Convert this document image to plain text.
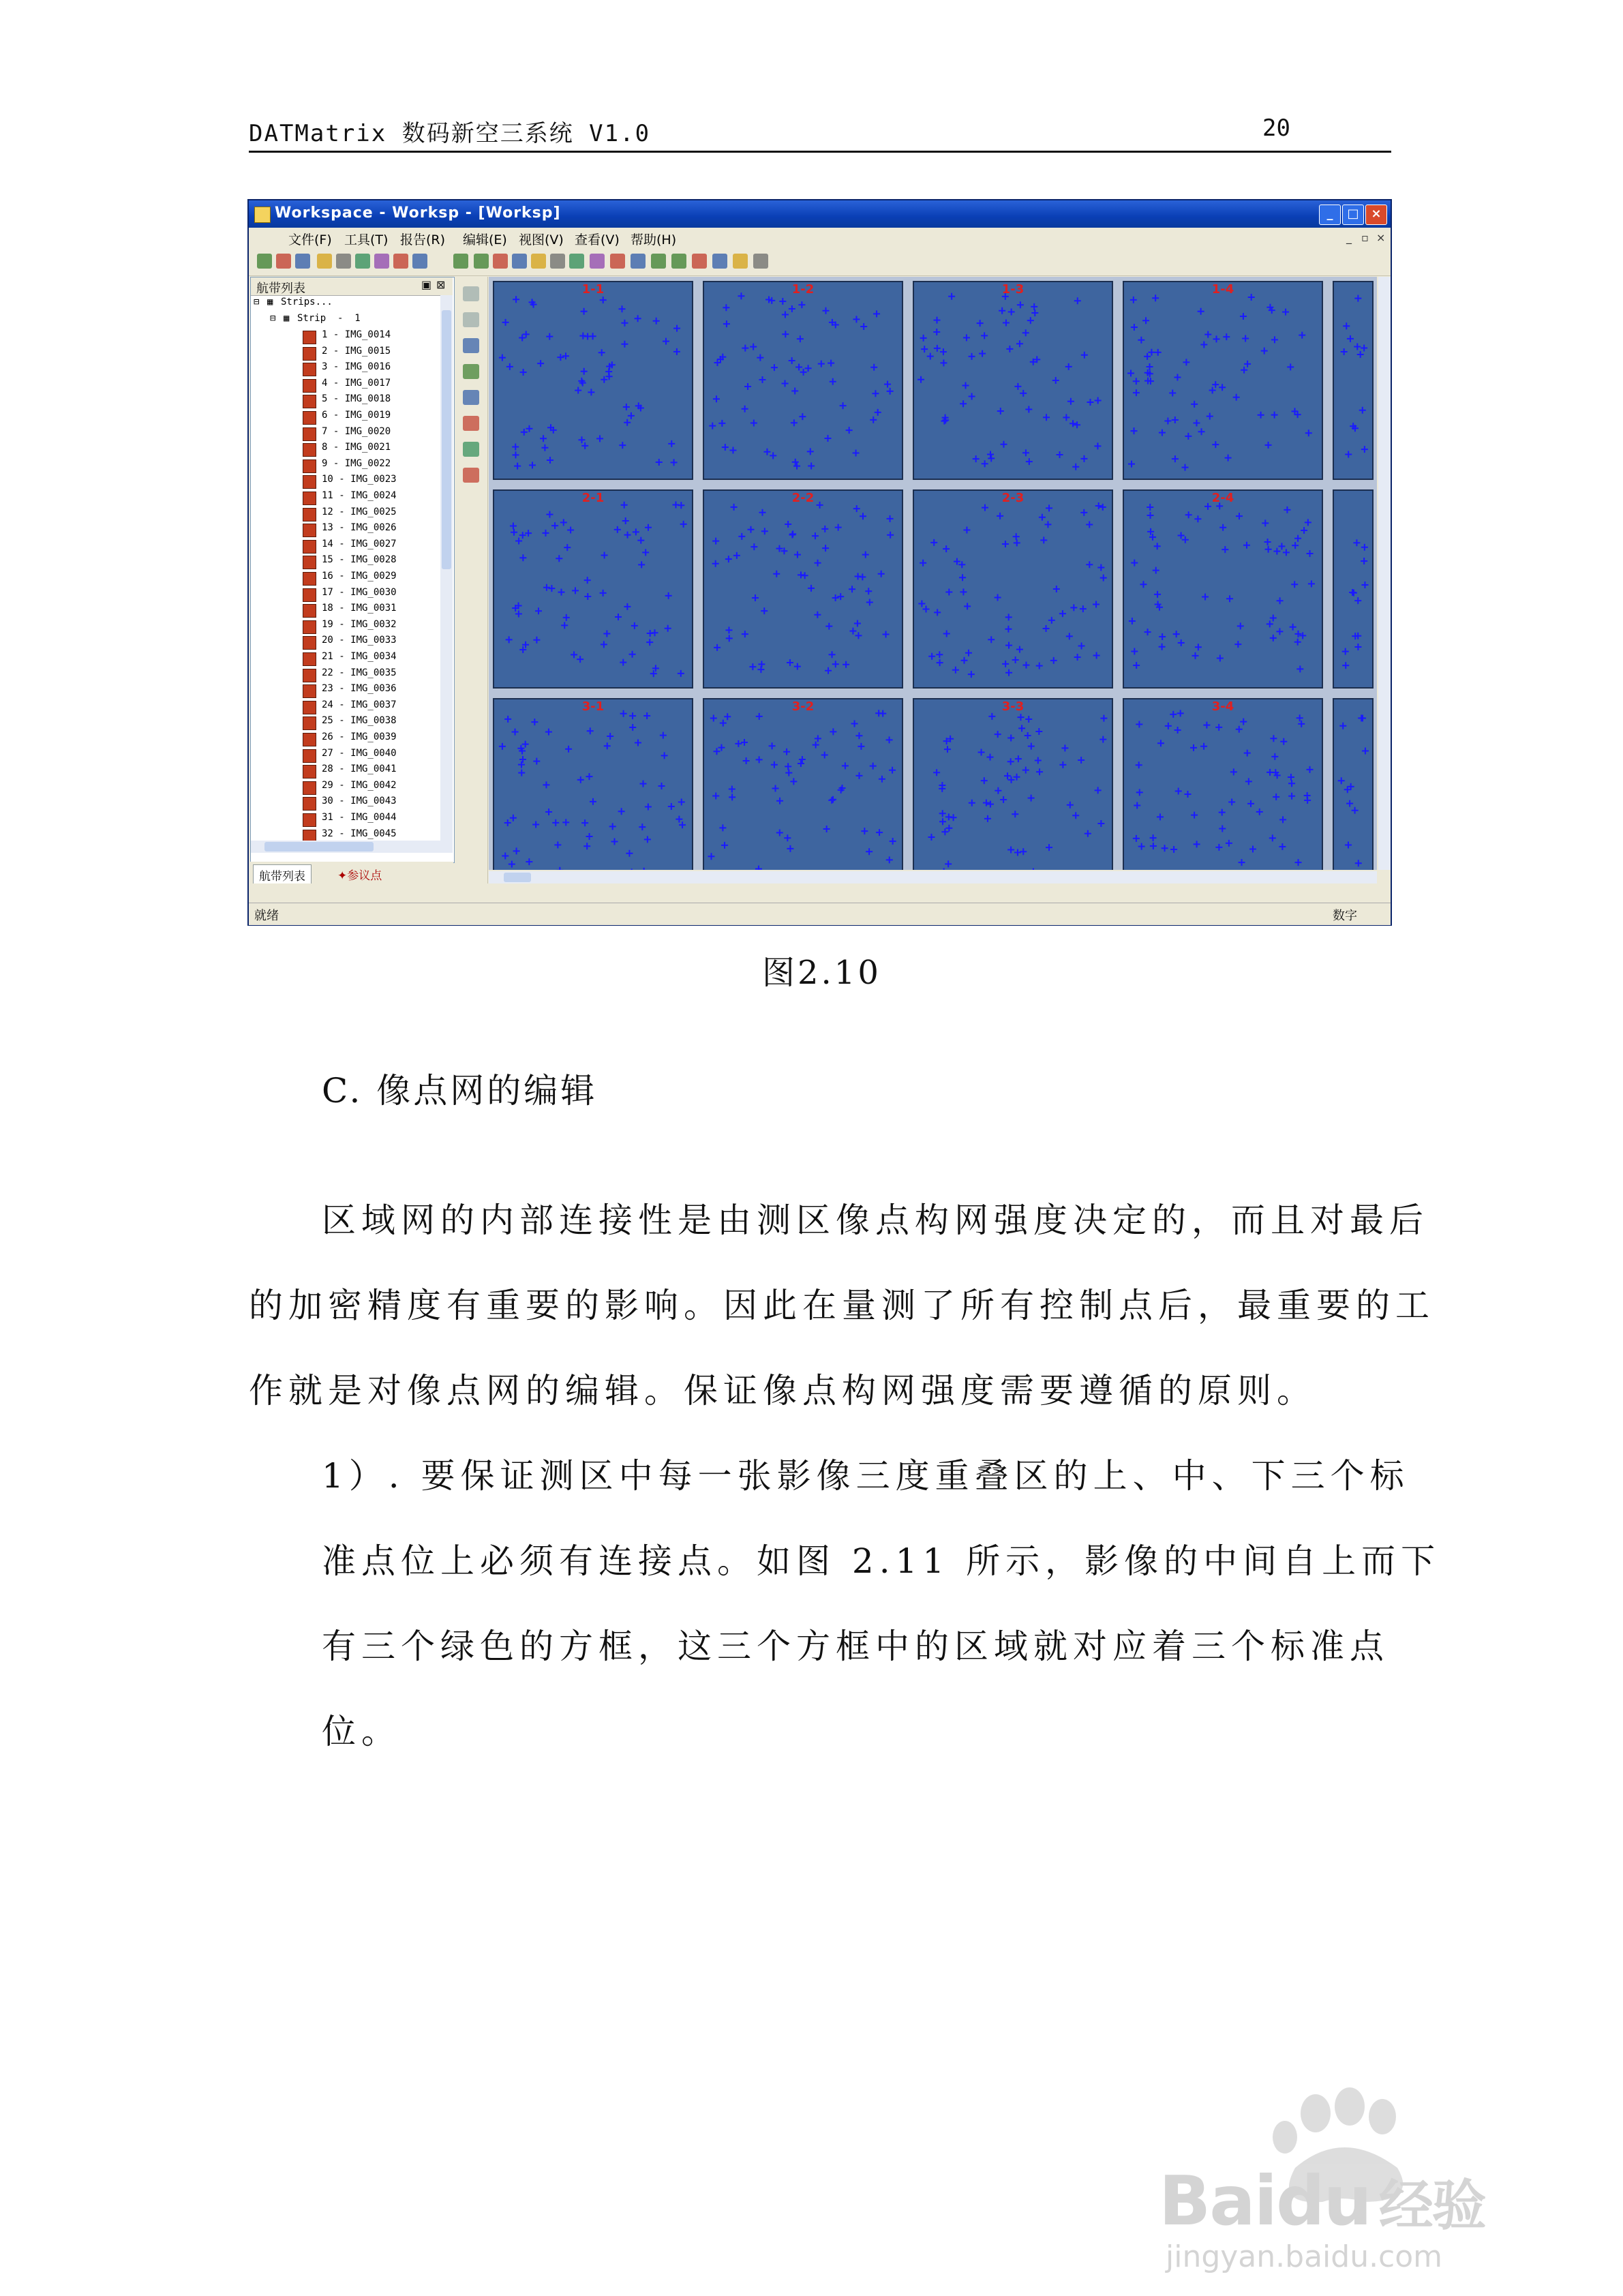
DATMatrix 数码新空三系统 V1.0	20
Workspace - Worksp - [Worksp]	_	□ ×
文件(F) 工具(T) 报告(R) 编辑(E) 视图(V) 查看(V) 帮助(H)	_ ▫ ×
航带列表	▣ ⊠
⊟ ▦ Strips...
⊟ ▦ Strip  -  1
1 - IMG_0014
2 - IMG_0015
3 - IMG_0016
4 - IMG_0017
5 - IMG_0018
6 - IMG_0019
7 - IMG_0020
8 - IMG_0021
9 - IMG_0022
10 - IMG_0023
11 - IMG_0024
12 - IMG_0025
13 - IMG_0026
14 - IMG_0027
15 - IMG_0028
16 - IMG_0029
17 - IMG_0030
18 - IMG_0031
19 - IMG_0032
20 - IMG_0033
21 - IMG_0034
22 - IMG_0035
23 - IMG_0036
24 - IMG_0037
25 - IMG_0038
26 - IMG_0039
27 - IMG_0040
28 - IMG_0041
29 - IMG_0042
30 - IMG_0043
31 - IMG_0044
32 - IMG_0045
航带列表	✦参议点
1-1	1-2	1-3	1-4
2-1	2-2	2-3	2-4
3-1	3-2	3-3	3-4
就绪	数字
图2.10
C. 像点网的编辑
区域网的内部连接性是由测区像点构网强度决定的，而且对最后
的加密精度有重要的影响。因此在量测了所有控制点后，最重要的工
作就是对像点网的编辑。保证像点构网强度需要遵循的原则。
1）. 要保证测区中每一张影像三度重叠区的上、中、下三个标
准点位上必须有连接点。如图 2.11 所示，影像的中间自上而下
有三个绿色的方框，这三个方框中的区域就对应着三个标准点
位。
Baidu 经验
jingyan.baidu.com
